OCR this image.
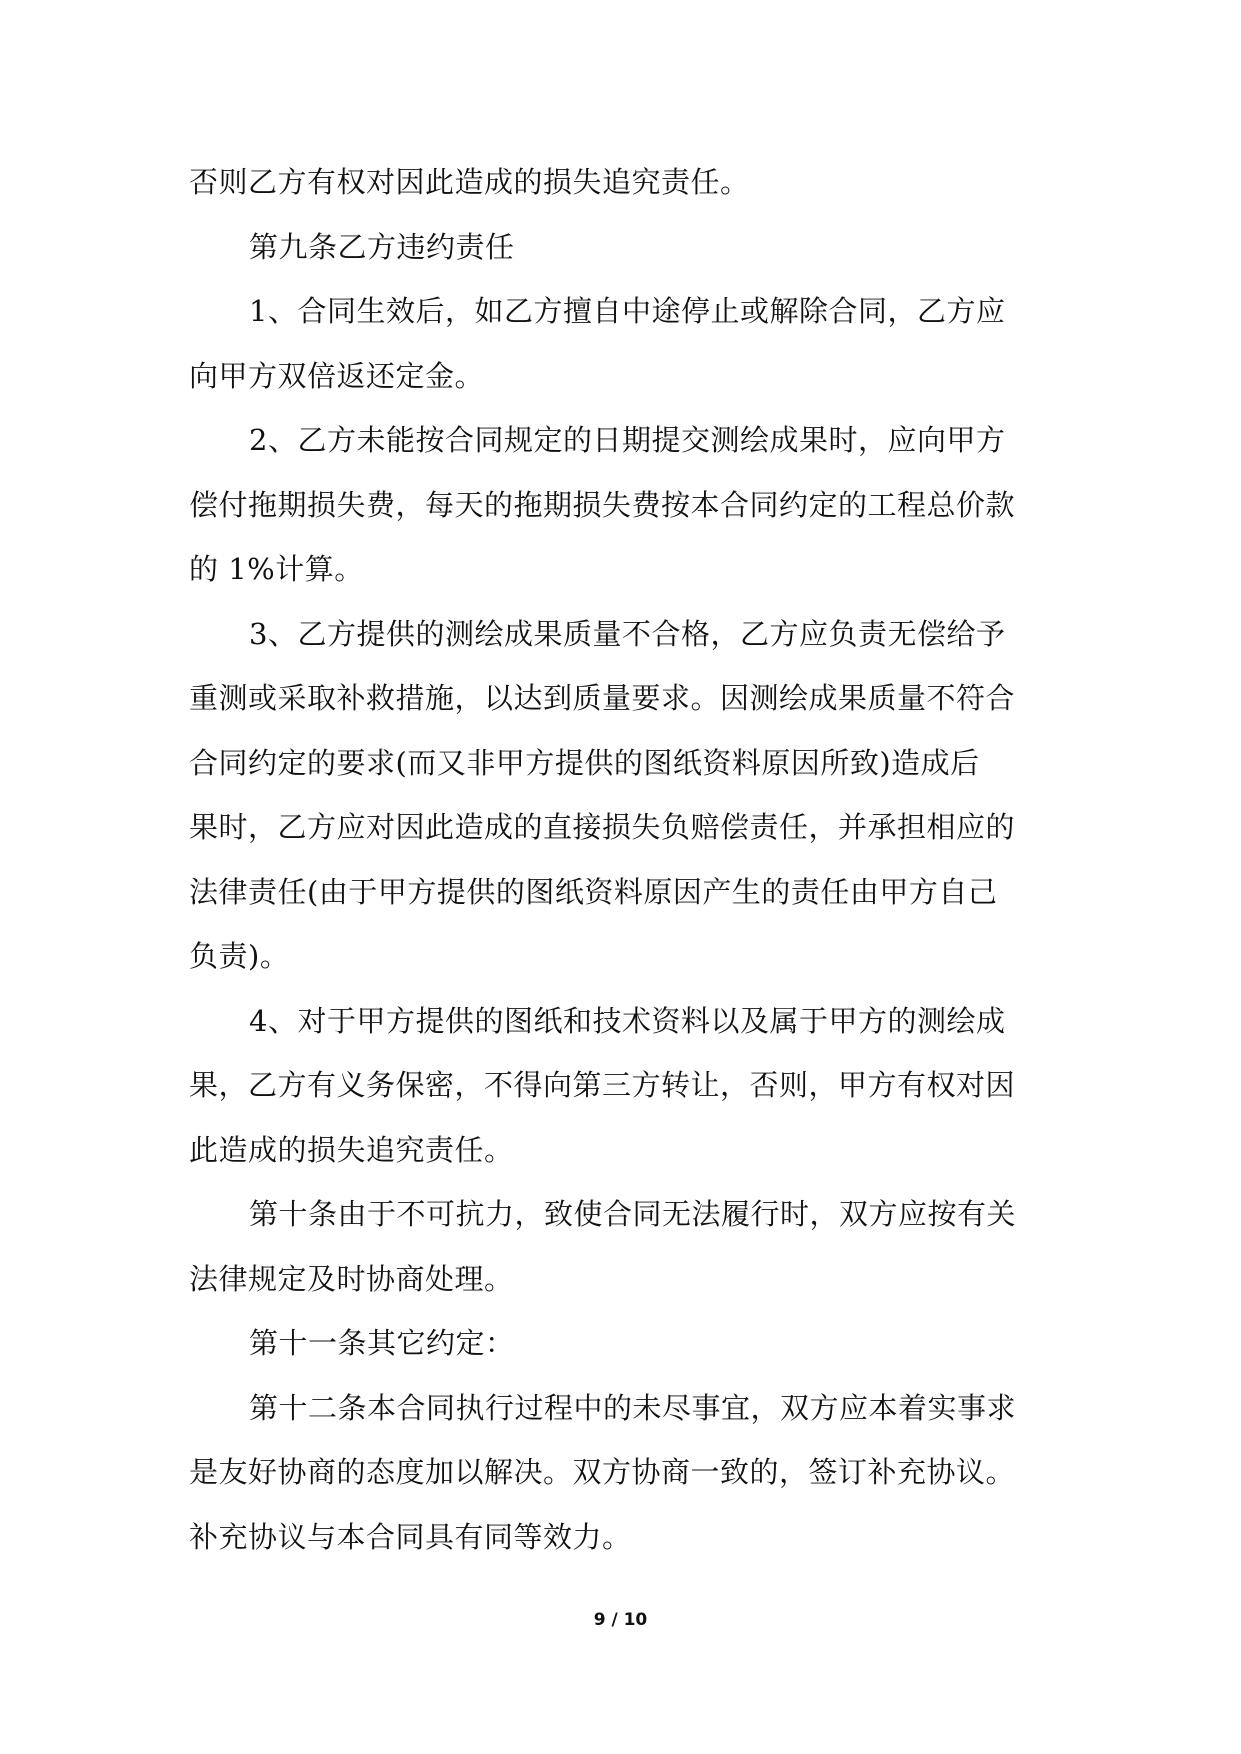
否则乙方有权对因此造成的损失追究责任。
第九条乙方违约责任
1、合同生效后，如乙方擅自中途停止或解除合同，乙方应
向甲方双倍返还定金。
2、乙方未能按合同规定的日期提交测绘成果时，应向甲方
偿付拖期损失费，每天的拖期损失费按本合同约定的工程总价款
的 1%计算。
3、乙方提供的测绘成果质量不合格，乙方应负责无偿给予
重测或采取补救措施，以达到质量要求。因测绘成果质量不符合
合同约定的要求(而又非甲方提供的图纸资料原因所致)造成后
果时，乙方应对因此造成的直接损失负赔偿责任，并承担相应的
法律责任(由于甲方提供的图纸资料原因产生的责任由甲方自己
负责)。
4、对于甲方提供的图纸和技术资料以及属于甲方的测绘成
果，乙方有义务保密，不得向第三方转让，否则，甲方有权对因
此造成的损失追究责任。
第十条由于不可抗力，致使合同无法履行时，双方应按有关
法律规定及时协商处理。
第十一条其它约定：
第十二条本合同执行过程中的未尽事宜，双方应本着实事求
是友好协商的态度加以解决。双方协商一致的，签订补充协议。
补充协议与本合同具有同等效力。
9 / 10
